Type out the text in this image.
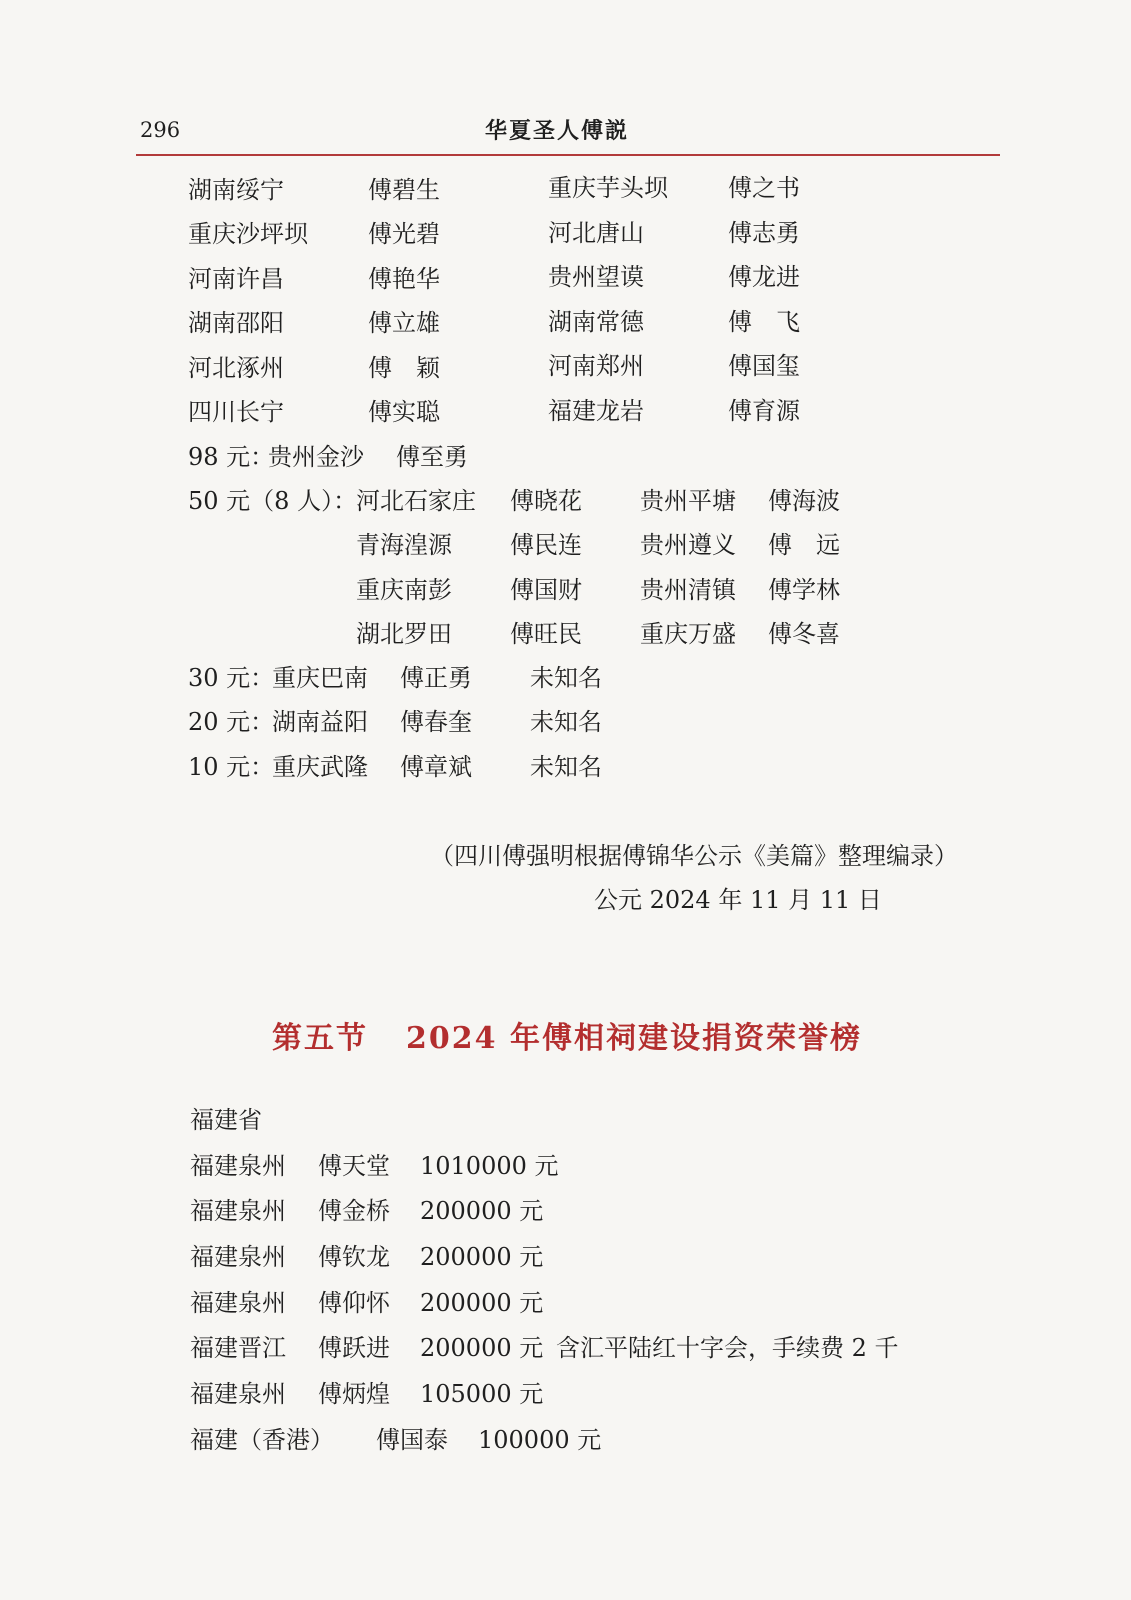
296	华夏圣人傅説
湖南绥宁	傅碧生	重庆芋头坝	傅之书
重庆沙坪坝	傅光碧	河北唐山	傅志勇
河南许昌	傅艳华	贵州望谟	傅龙进
湖南邵阳	傅立雄	湖南常德	傅　飞
河北涿州	傅　颖	河南郑州	傅国玺
四川长宁	傅实聪	福建龙岩	傅育源
98 元：
贵州金沙 傅至勇
50 元（8 人）：
河北石家庄 傅晓花 贵州平塘 傅海波
青海湟源 傅民连 贵州遵义 傅　远
重庆南彭 傅国财 贵州清镇 傅学林
湖北罗田 傅旺民 重庆万盛 傅冬喜
30 元：
重庆巴南 傅正勇 未知名
20 元：
湖南益阳 傅春奎 未知名
10 元：
重庆武隆 傅章斌 未知名
（四川傅强明根据傅锦华公示《美篇》整理编录）
公元 2024 年 11 月 11 日
第五节 2024 年傅相祠建设捐资荣誉榜
福建省
福建泉州 傅天堂 1010000 元
福建泉州 傅金桥 200000 元
福建泉州 傅钦龙 200000 元
福建泉州 傅仰怀 200000 元
福建晋江 傅跃进 200000 元 含汇平陆红十字会，手续费 2 千
福建泉州 傅炳煌 105000 元
福建（香港） 傅国泰 100000 元
